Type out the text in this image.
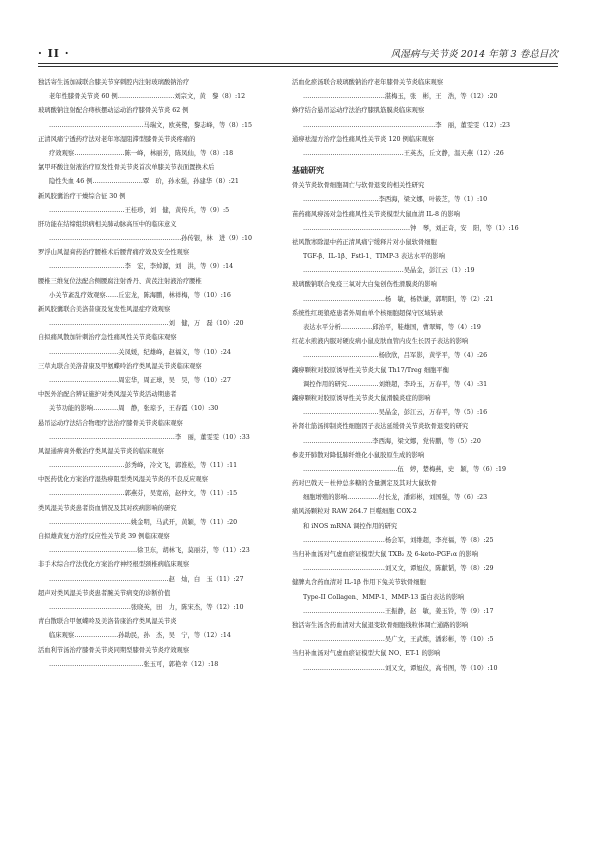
· II ·	风湿病与关节炎 2014 年第 3 卷总目次
独活寄生汤加减联合膝关节穿刺腔内注射玻璃酸钠治疗
老年性膝骨关节炎 60 例………………………刘宗文，黄　黎（8）:12
玻璃酸钠注射配合痔核摆动运动治疗膝骨关节炎 62 例
………………………………………马瑞文，欧英鹭，黎志峰，等（8）:15
正清风痛宁透药疗法对老年寒湿阻滞型膝骨关节炎疼痛的
疗效观察……………………陈一峰，林丽芳，陈凤仙，等（8）:18
氯甲环酸注射液治疗原发性骨关节炎首次单膝关节表面置换术后
隐性失血 46 例……………………覃　玠，孙永强，孙建华（8）:21
新风胶囊治疗干燥综合征 30 例
………………………………王桂珍，刘　健，黄传兵，等（9）:5
肝功能在结缔组织病相关肺动脉高压中的临床意义
………………………………………………………孙传银，林　进（9）:10
罗浮山风湿膏药治疗腰椎术后腰背痛疗效及安全性观察
………………………………李　宏，李焯源，刘　洪，等（9）:14
腰椎三维复位法配合侧腰腐注射香丹、黄芪注射液治疗腰椎
小关节紊乱疗效观察……丘宏龙，陈海鹏，林祥梅，等（10）:16
新风胶囊联合美洛昔康及复发性风湿症疗效观察
…………………………………………………刘　健，万　磊（10）:20
自拟痛风散加针刺治疗急性痛风性关节炎临床观察
……………………………关凤媛，纪雄峰，赵福义，等（10）:24
三草丸联合美洛昔康及甲氨蝶呤治疗类风湿关节炎临床观察
……………………………周宏华，周正球，吴　昊，等（10）:27
中医外治配合辨证施护对类风湿关节炎活动期患者
关节功能的影响…………周　静，张琼予，王春霞（10）:30
悬吊运动疗法结合物理疗法治疗膝骨关节炎临床观察
……………………………………………………李　丽，董雯雯（10）:33
风湿通痹膏外敷治疗类风湿关节炎的临床观察
………………………………彭秀峰，冷文飞，郭淮松，等（11）:11
中医药优化方案治疗湿热痹阻型类风湿关节炎的不良反应观察
………………………………郭燕芬，吴宽裕，赵仲文，等（11）:15
类风湿关节炎患者资血情况及其对疾病影响的研究
…………………………………姚金明，马武开，黄颖，等（11）:20
自拟雄黄复方治疗反应性关节炎 39 例临床观察
……………………………………徐卫东，胡林飞，莫丽芬，等（11）:23
非手术综合疗法优化方案治疗神经根型颈椎病临床观察
…………………………………………………赵　灿，白　玉（11）:27
超声对类风湿关节炎患者腕关节病变的诊断价值
…………………………………张晓英，田　力，陈宋杰，等（12）:10
青白散联合甲氨蝶呤及美洛昔康治疗类风湿关节炎
临床观察…………………孙助民，孙　杰，吴　宁，等（12）:14
活血利节汤治疗膝骨关节炎同期型膝骨关节炎疗效观察
………………………………………张玉可，郭艳幸（12）:18
活血化瘀汤联合玻璃酸钠治疗老年膝骨关节炎临床观察
…………………………………湛梅玉，张　彬，王　浩，等（12）:20
蜂疗结合悬吊运动疗法治疗膝肌筋膜炎临床观察
………………………………………………………李　丽，董雯雯（12）:23
通痹祛湿方治疗急性痛风性关节炎 120 例临床观察
…………………………………………王英杰，丘文静，温天燕（12）:26
基础研究
骨关节炎软骨细胞凋亡与软骨退变的相关性研究
………………………………李西海，梁文娜，叶筱芝，等（1）:10
苗药痛风痹汤对急性痛风性关节炎模型大鼠血清 IL-8 的影响
……………………………………………钟　琴，刘正奇，安　阳，等（1）:16
祛风散寒除湿中药正清风痛宁缓释片对小鼠软骨细胞
TGF-β、IL-1β、Fstl-1、TIMP-3 表达水平的影响
…………………………………………吴晶金，彭江云（1）:19
玻璃酸钠联合免疫三氧对大白兔创伤性滑膜炎的影响
…………………………………杨　敏，杨铁谦，郭明阳，等（2）:21
系统性红斑狼疮患者外周血单个核细胞超保守区域转录
表达水平分析……………邱治平，鞋雄国，曹翠辉，等（4）:19
红花水煎液内服对硬皮病小鼠皮肤血管内皮生长因子表达的影响
………………………………杨欣欣，吕军影，黄学平，等（4）:26
蠲痹颗粒对胶原诱导性关节炎大鼠 Th17/Treg 细胞平衡
调控作用的研究……………刘维超，李玲玉，万春平，等（4）:31
蠲痹颗粒对胶原诱导性关节炎大鼠滑膜炎症的影响
………………………………吴晶金，彭江云，万春平，等（5）:16
补肾壮筋汤抑制炎性细胞因子表达延缓骨关节炎软骨退变的研究
……………………………李西海，梁文娜，党传鹏，等（5）:20
参麦开肺散对降低肺纤维化小鼠胶原生成的影响
………………………………………伍　婷，楚梅燕，史　颖，等（6）:19
药对巴戟天－杜仲总多糖的含量测定及其对大鼠软骨
细胞增殖的影响……………付长龙，潘彩彬，刘国强，等（6）:23
痛风汤颗粒对 RAW 264.7 巨噬细胞 COX-2
和 iNOS mRNA 调控作用的研究
…………………………………杨会军，刘维超，李亮福，等（8）:25
当归补血汤对气虚血瘀证模型大鼠 TXB₂ 及 6-keto-PGF₁α 的影响
…………………………………刘又文，谭旭仪，陈献韬，等（8）:29
健脾丸含药血清对 IL-1β 作用下兔关节软骨细胞
Type-II Collagen、MMP-1、MMP-13 蛋白表达的影响
…………………………………王振静，赵　敏，姜玉铃，等（9）:17
独活寄生汤含药血清对大鼠退变软骨细胞线粒体凋亡通路的影响
…………………………………吴广文，王武炼，潘彩彬，等（10）:5
当归补血汤对气虚血瘀证模型大鼠 NO、ET-1 的影响
…………………………………刘又文，谭旭仪，高书图，等（10）:10
